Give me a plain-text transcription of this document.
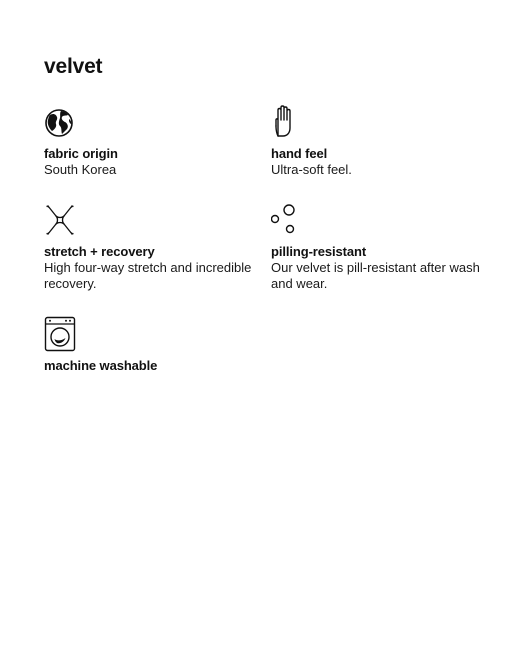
velvet
fabric origin
South Korea
hand feel
Ultra-soft feel.
stretch + recovery
High four-way stretch and incredible recovery.
pilling-resistant
Our velvet is pill-resistant after wash and wear.
machine washable
